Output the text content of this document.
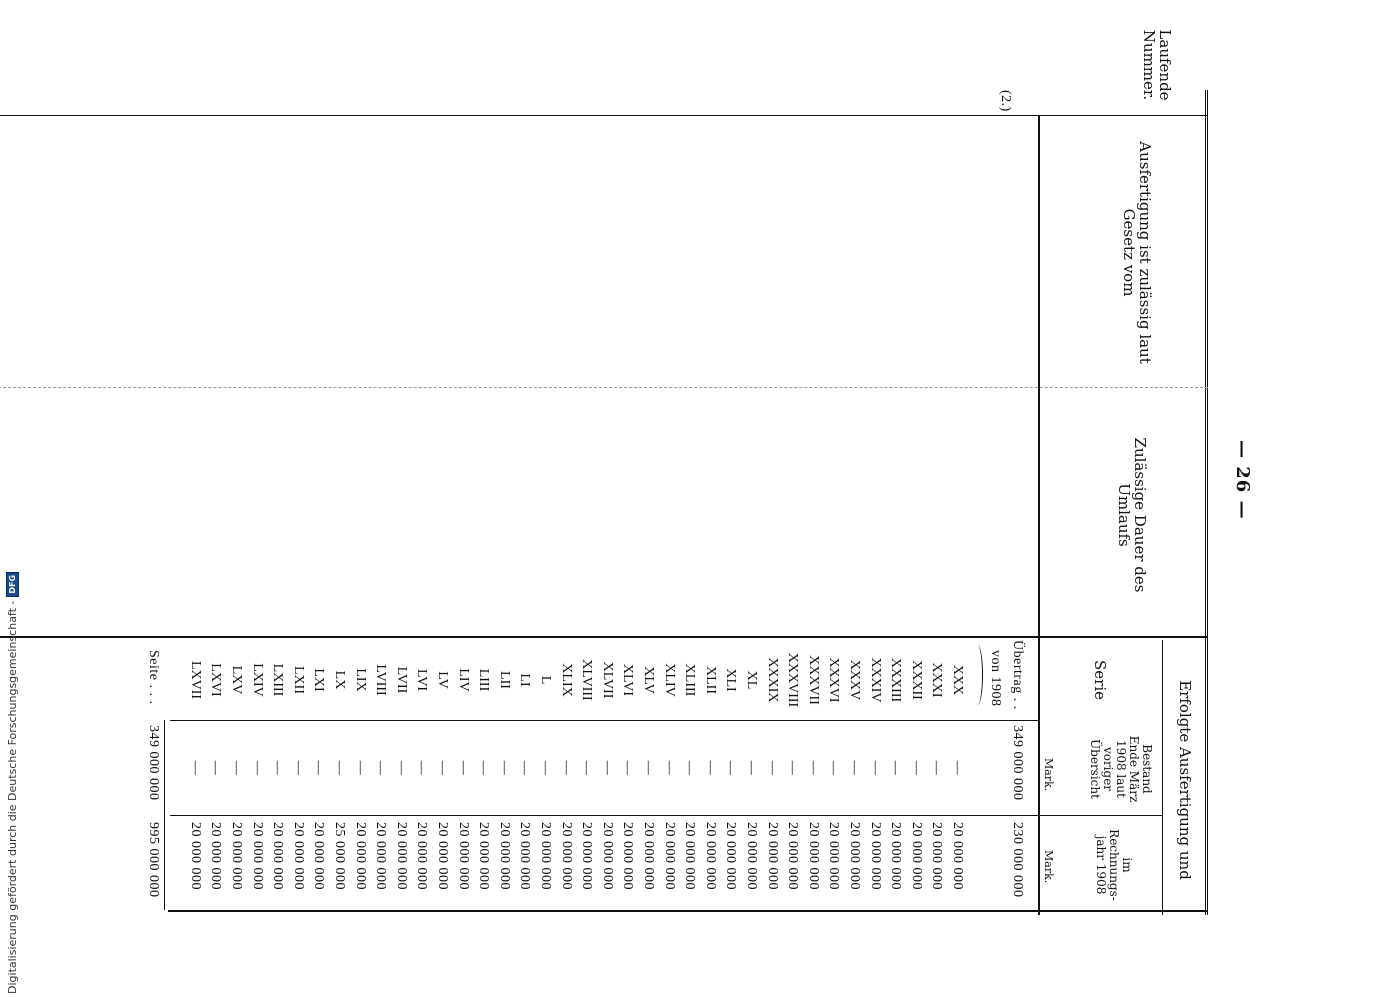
— 26 —
Laufende Nummer.
Ausfertigung ist zulässig laut Gesetz vom
Zulässige Dauer des Umlaufs
Erfolgte Ausfertigung und
Serie
Bestand Ende März 1908 laut voriger Übersicht
im Rechnungs- jahr 1908
Mark.
Mark.
(2.)
Übertrag . .
349 000 000
230 000 000
von 1908
XXX
—
20 000 000
XXXI
—
20 000 000
XXXII
—
20 000 000
XXXIII
—
20 000 000
XXXIV
—
20 000 000
XXXV
—
20 000 000
XXXVI
—
20 000 000
XXXVII
—
20 000 000
XXXVIII
—
20 000 000
XXXIX
—
20 000 000
XL
—
20 000 000
XLI
—
20 000 000
XLII
—
20 000 000
XLIII
—
20 000 000
XLIV
—
20 000 000
XLV
—
20 000 000
XLVI
—
20 000 000
XLVII
—
20 000 000
XLVIII
—
20 000 000
XLIX
—
20 000 000
L
—
20 000 000
LI
—
20 000 000
LII
—
20 000 000
LIII
—
20 000 000
LIV
—
20 000 000
LV
—
20 000 000
LVI
—
20 000 000
LVII
—
20 000 000
LVIII
—
20 000 000
LIX
—
20 000 000
LX
—
25 000 000
LXI
—
20 000 000
LXII
—
20 000 000
LXIII
—
20 000 000
LXIV
—
20 000 000
LXV
—
20 000 000
LXVI
—
20 000 000
LXVII
—
20 000 000
Seite . . .
349 000 000
995 000 000
Digitalisierung gefördert durch die Deutsche Forschungsgemeinschaft -
DFG
